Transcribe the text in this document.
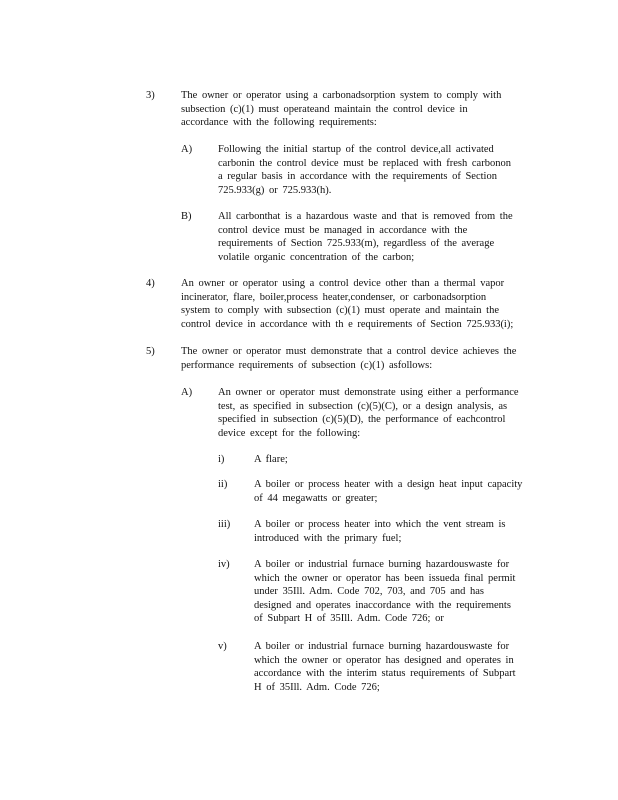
3)	The owner or operator using a carbonadsorption system to comply with
subsection (c)(1) must operateand maintain the control device in
accordance with the following requirements:
A) Following the initial startup of the control device,all activated
carbonin the control device must be replaced with fresh carbonon
a regular basis in accordance with the requirements of Section
725.933(g) or 725.933(h).
B)	All carbonthat is a hazardous waste and that is removed from the
control device must be managed in accordance with the
requirements of Section 725.933(m), regardless of the average
volatile organic concentration of the carbon;
4)	An owner or operator using a control device other than a thermal vapor
incinerator, flare, boiler,process heater,condenser, or carbonadsorption
system to comply with subsection (c)(1) must operate and maintain the
control device in accordance with th e requirements of Section 725.933(i);
5)	The owner or operator must demonstrate that a control device achieves the
performance requirements of subsection (c)(1) asfollows:
A) An owner or operator must demonstrate using either a performance
test, as specified in subsection (c)(5)(C), or a design analysis, as
specified in subsection (c)(5)(D), the performance of eachcontrol
device except for the following:
i)	A flare;
ii)	A boiler or process heater with a design heat input capacity
of 44 megawatts or greater;
iii) A boiler or process heater into which the vent stream is
introduced with the primary fuel;
iv) A boiler or industrial furnace burning hazardouswaste for
which the owner or operator has been issueda final permit
under 35Ill. Adm. Code 702, 703, and 705 and has
designed and operates inaccordance with the requirements
of Subpart H of 35Ill. Adm. Code 726; or
v)	A boiler or industrial furnace burning hazardouswaste for
which the owner or operator has designed and operates in
accordance with the interim status requirements of Subpart
H of 35Ill. Adm. Code 726;
